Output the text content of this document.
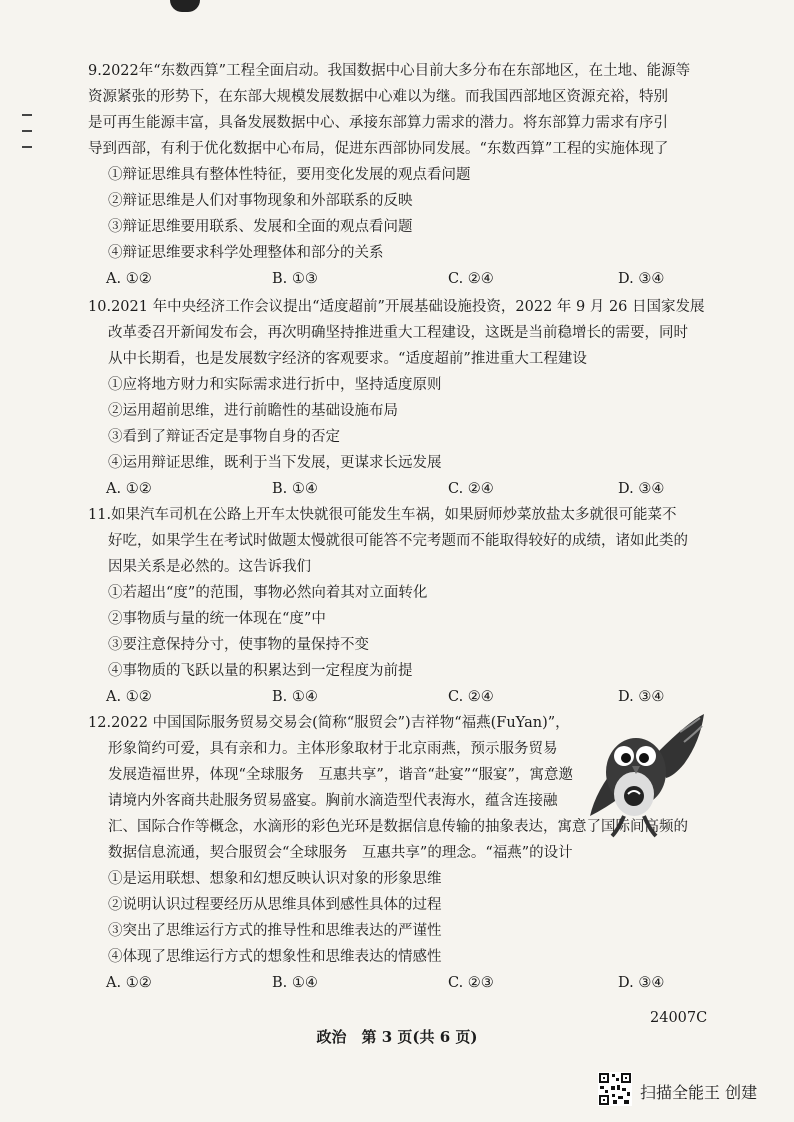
9.2022年“东数西算”工程全面启动。我国数据中心目前大多分布在东部地区，在土地、能源等

资源紧张的形势下，在东部大规模发展数据中心难以为继。而我国西部地区资源充裕，特别

是可再生能源丰富，具备发展数据中心、承接东部算力需求的潜力。将东部算力需求有序引

导到西部，有利于优化数据中心布局，促进东西部协同发展。“东数西算”工程的实施体现了

①辩证思维具有整体性特征，要用变化发展的观点看问题

②辩证思维是人们对事物现象和外部联系的反映

③辩证思维要用联系、发展和全面的观点看问题

④辩证思维要求科学处理整体和部分的关系

A. ①②	B. ①③	C. ②④	D. ③④

10.2021 年中央经济工作会议提出“适度超前”开展基础设施投资，2022 年 9 月 26 日国家发展

改革委召开新闻发布会，再次明确坚持推进重大工程建设，这既是当前稳增长的需要，同时

从中长期看，也是发展数字经济的客观要求。“适度超前”推进重大工程建设

①应将地方财力和实际需求进行折中，坚持适度原则

②运用超前思维，进行前瞻性的基础设施布局

③看到了辩证否定是事物自身的否定

④运用辩证思维，既利于当下发展，更谋求长远发展

A. ①②	B. ①④	C. ②④	D. ③④

11.如果汽车司机在公路上开车太快就很可能发生车祸，如果厨师炒菜放盐太多就很可能菜不

好吃，如果学生在考试时做题太慢就很可能答不完考题而不能取得较好的成绩，诸如此类的

因果关系是必然的。这告诉我们

①若超出“度”的范围，事物必然向着其对立面转化

②事物质与量的统一体现在“度”中

③要注意保持分寸，使事物的量保持不变

④事物质的飞跃以量的积累达到一定程度为前提

A. ①②	B. ①④	C. ②④	D. ③④

12.2022 中国国际服务贸易交易会(简称“服贸会”)吉祥物“福燕(FuYan)”，

形象简约可爱，具有亲和力。主体形象取材于北京雨燕，预示服务贸易

发展造福世界，体现“全球服务　互惠共享”，谐音“赴宴”“服宴”，寓意邀

请境内外客商共赴服务贸易盛宴。胸前水滴造型代表海水，蕴含连接融

汇、国际合作等概念，水滴形的彩色光环是数据信息传输的抽象表达，寓意了国际间高频的

数据信息流通，契合服贸会“全球服务　互惠共享”的理念。“福燕”的设计

①是运用联想、想象和幻想反映认识对象的形象思维

②说明认识过程要经历从思维具体到感性具体的过程

③突出了思维运行方式的推导性和思维表达的严谨性

④体现了思维运行方式的想象性和思维表达的情感性

A. ①②	B. ①④	C. ②③	D. ③④
24007C
政治　第 3 页(共 6 页)
扫描全能王 创建
